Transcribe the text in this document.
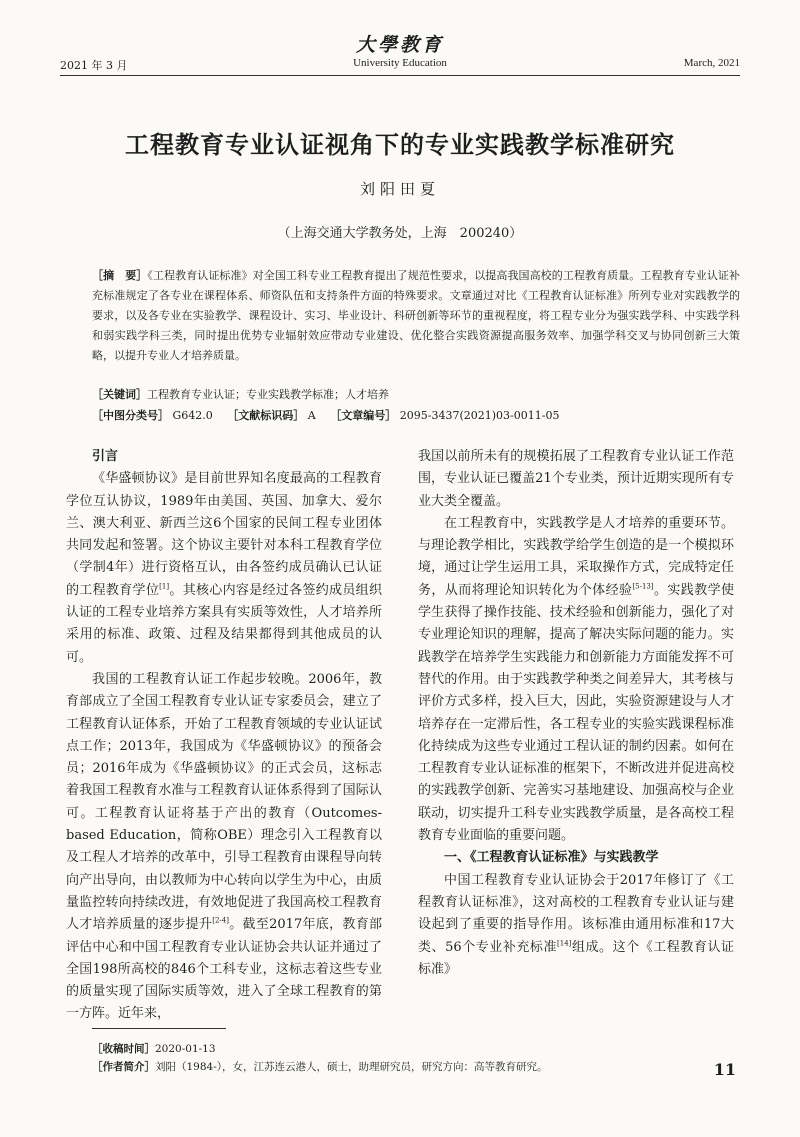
大學教育
2021 年 3 月	University Education	March, 2021
工程教育专业认证视角下的专业实践教学标准研究
刘阳田夏
（上海交通大学教务处，上海　200240）
［摘　要］《工程教育认证标准》对全国工科专业工程教育提出了规范性要求，以提高我国高校的工程教育质量。工程教育专业认证补充标准规定了各专业在课程体系、师资队伍和支持条件方面的特殊要求。文章通过对比《工程教育认证标准》所列专业对实践教学的要求，以及各专业在实验教学、课程设计、实习、毕业设计、科研创新等环节的重视程度，将工程专业分为强实践学科、中实践学科和弱实践学科三类，同时提出优势专业辐射效应带动专业建设、优化整合实践资源提高服务效率、加强学科交叉与协同创新三大策略，以提升专业人才培养质量。
［关键词］工程教育专业认证；专业实践教学标准；人才培养
［中图分类号］ G642.0　 ［文献标识码］ A　 ［文章编号］ 2095-3437(2021)03-0011-05

引言

《华盛顿协议》是目前世界知名度最高的工程教育学位互认协议，1989年由美国、英国、加拿大、爱尔兰、澳大利亚、新西兰这6个国家的民间工程专业团体共同发起和签署。这个协议主要针对本科工程教育学位（学制4年）进行资格互认，由各签约成员确认已认证的工程教育学位[1]。其核心内容是经过各签约成员组织认证的工程专业培养方案具有实质等效性，人才培养所采用的标准、政策、过程及结果都得到其他成员的认可。

我国的工程教育认证工作起步较晚。2006年，教育部成立了全国工程教育专业认证专家委员会，建立了工程教育认证体系，开始了工程教育领域的专业认证试点工作；2013年，我国成为《华盛顿协议》的预备会员；2016年成为《华盛顿协议》的正式会员，这标志着我国工程教育水准与工程教育认证体系得到了国际认可。工程教育认证将基于产出的教育（Outcomes-based Education，简称OBE）理念引入工程教育以及工程人才培养的改革中，引导工程教育由课程导向转向产出导向，由以教师为中心转向以学生为中心，由质量监控转向持续改进，有效地促进了我国高校工程教育人才培养质量的逐步提升[2-4]。截至2017年底，教育部评估中心和中国工程教育专业认证协会共认证并通过了全国198所高校的846个工科专业，这标志着这些专业的质量实现了国际实质等效，进入了全球工程教育的第一方阵。近年来，

我国以前所未有的规模拓展了工程教育专业认证工作范围，专业认证已覆盖21个专业类，预计近期实现所有专业大类全覆盖。

在工程教育中，实践教学是人才培养的重要环节。与理论教学相比，实践教学给学生创造的是一个模拟环境，通过让学生运用工具，采取操作方式，完成特定任务，从而将理论知识转化为个体经验[5-13]。实践教学使学生获得了操作技能、技术经验和创新能力，强化了对专业理论知识的理解，提高了解决实际问题的能力。实践教学在培养学生实践能力和创新能力方面能发挥不可替代的作用。由于实践教学种类之间差异大，其考核与评价方式多样，投入巨大，因此，实验资源建设与人才培养存在一定滞后性，各工程专业的实验实践课程标准化持续成为这些专业通过工程认证的制约因素。如何在工程教育专业认证标准的框架下，不断改进并促进高校的实践教学创新、完善实习基地建设、加强高校与企业联动，切实提升工科专业实践教学质量，是各高校工程教育专业面临的重要问题。

一、《工程教育认证标准》与实践教学

中国工程教育专业认证协会于2017年修订了《工程教育认证标准》，这对高校的工程教育专业认证与建设起到了重要的指导作用。该标准由通用标准和17大类、56个专业补充标准[14]组成。这个《工程教育认证标准》

［收稿时间］2020-01-13
［作者简介］刘阳（1984-），女，江苏连云港人，硕士，助理研究员，研究方向：高等教育研究。	11
